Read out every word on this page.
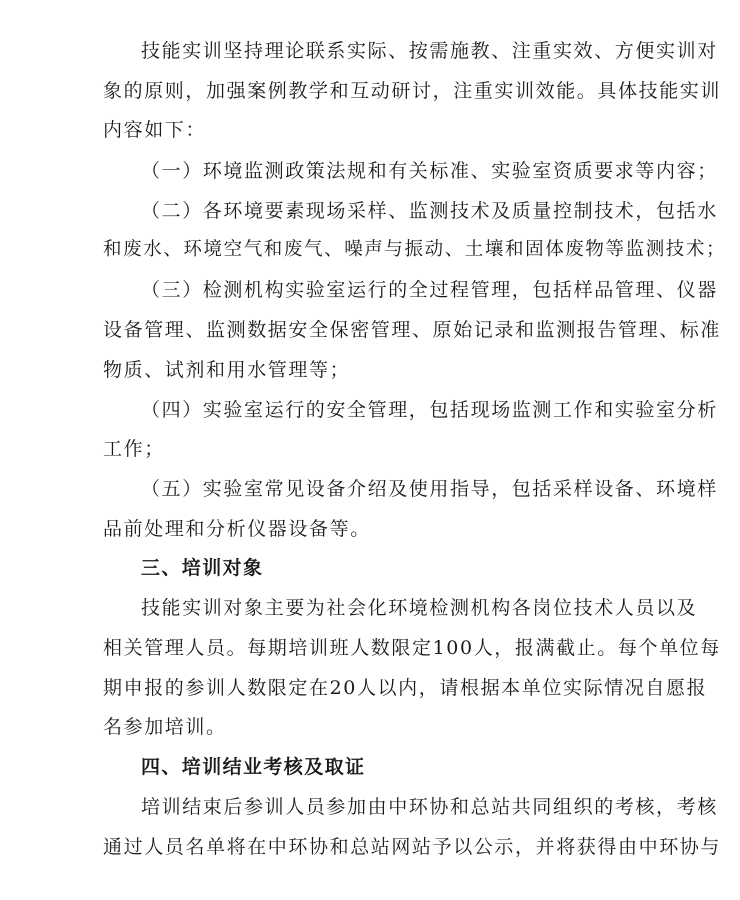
技能实训坚持理论联系实际、按需施教、注重实效、方便实训对
象的原则，加强案例教学和互动研讨，注重实训效能。具体技能实训
内容如下：
（一）环境监测政策法规和有关标准、实验室资质要求等内容；
（二）各环境要素现场采样、监测技术及质量控制技术，包括水
和废水、环境空气和废气、噪声与振动、土壤和固体废物等监测技术；
（三）检测机构实验室运行的全过程管理，包括样品管理、仪器
设备管理、监测数据安全保密管理、原始记录和监测报告管理、标准
物质、试剂和用水管理等；
（四）实验室运行的安全管理，包括现场监测工作和实验室分析
工作；
（五）实验室常见设备介绍及使用指导，包括采样设备、环境样
品前处理和分析仪器设备等。
三、培训对象
技能实训对象主要为社会化环境检测机构各岗位技术人员以及
相关管理人员。每期培训班人数限定100人，报满截止。每个单位每
期申报的参训人数限定在20人以内，请根据本单位实际情况自愿报
名参加培训。
四、培训结业考核及取证
培训结束后参训人员参加由中环协和总站共同组织的考核，考核
通过人员名单将在中环协和总站网站予以公示，并将获得由中环协与
